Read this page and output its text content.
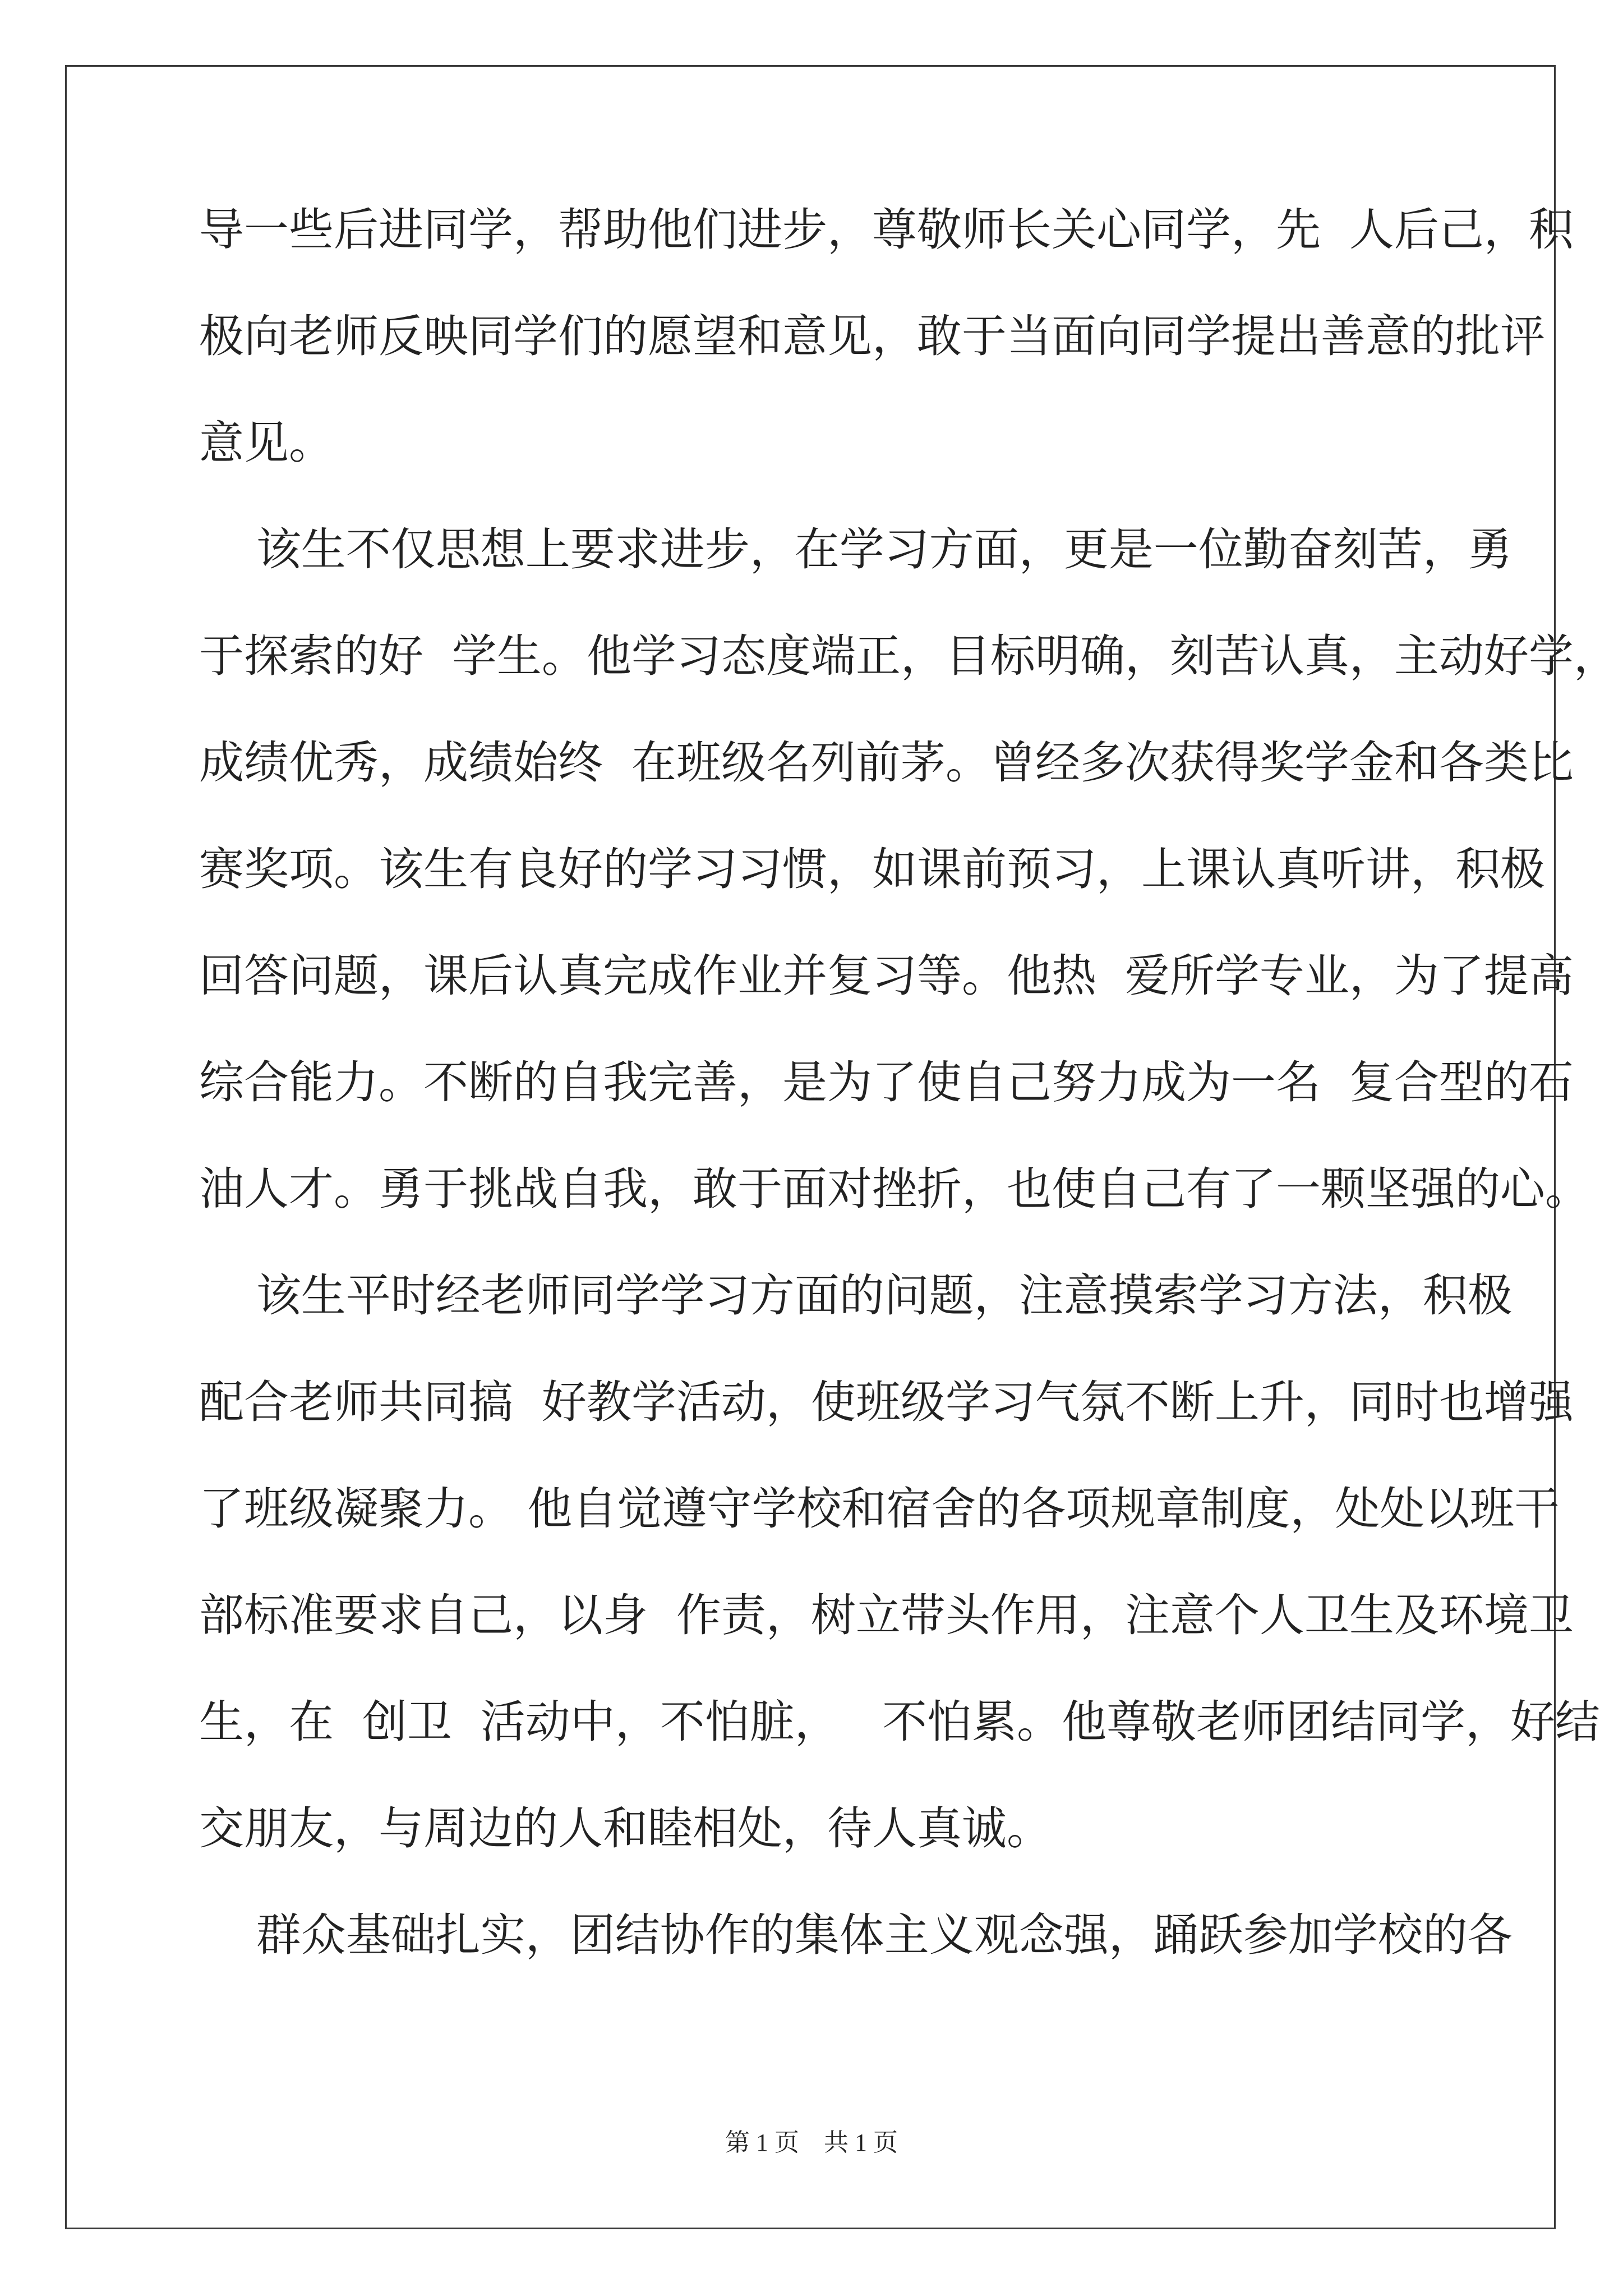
导一些后进同学，帮助他们进步，尊敬师长关心同学，先  人后己，积
极向老师反映同学们的愿望和意见，敢于当面向同学提出善意的批评
意见。
该生不仅思想上要求进步，在学习方面，更是一位勤奋刻苦，勇
于探索的好  学生。他学习态度端正，目标明确，刻苦认真，主动好学，
成绩优秀，成绩始终  在班级名列前茅。曾经多次获得奖学金和各类比
赛奖项。该生有良好的学习习惯，如课前预习，上课认真听讲，积极
回答问题，课后认真完成作业并复习等。他热  爱所学专业，为了提高
综合能力。不断的自我完善，是为了使自己努力成为一名  复合型的石
油人才。勇于挑战自我，敢于面对挫折，也使自己有了一颗坚强的心。
该生平时经老师同学学习方面的问题，注意摸索学习方法，积极
配合老师共同搞  好教学活动，使班级学习气氛不断上升，同时也增强
了班级凝聚力。 他自觉遵守学校和宿舍的各项规章制度，处处以班干
部标准要求自己，以身  作责，树立带头作用，注意个人卫生及环境卫
生，在  创卫  活动中，不怕脏，   不怕累。他尊敬老师团结同学，好结
交朋友，与周边的人和睦相处，待人真诚。
群众基础扎实，团结协作的集体主义观念强，踊跃参加学校的各
第 1 页    共 1 页
